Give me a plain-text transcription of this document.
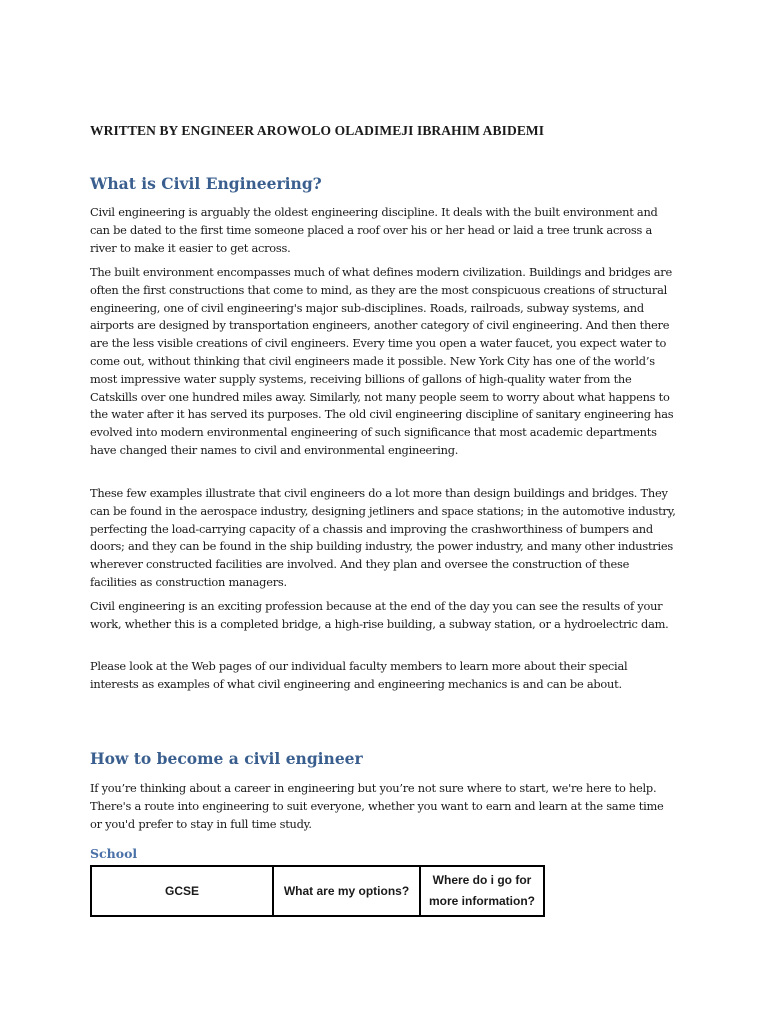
WRITTEN BY ENGINEER AROWOLO OLADIMEJI IBRAHIM ABIDEMI
What is Civil Engineering?
Civil engineering is arguably the oldest engineering discipline. It deals with the built environment and can be dated to the first time someone placed a roof over his or her head or laid a tree trunk across a river to make it easier to get across.
The built environment encompasses much of what defines modern civilization. Buildings and bridges are often the first constructions that come to mind, as they are the most conspicuous creations of structural engineering, one of civil engineering's major sub-disciplines. Roads, railroads, subway systems, and airports are designed by transportation engineers, another category of civil engineering. And then there are the less visible creations of civil engineers. Every time you open a water faucet, you expect water to come out, without thinking that civil engineers made it possible. New York City has one of the world’s most impressive water supply systems, receiving billions of gallons of high-quality water from the Catskills over one hundred miles away. Similarly, not many people seem to worry about what happens to the water after it has served its purposes. The old civil engineering discipline of sanitary engineering has evolved into modern environmental engineering of such significance that most academic departments have changed their names to civil and environmental engineering.
These few examples illustrate that civil engineers do a lot more than design buildings and bridges. They can be found in the aerospace industry, designing jetliners and space stations; in the automotive industry, perfecting the load-carrying capacity of a chassis and improving the crashworthiness of bumpers and doors; and they can be found in the ship building industry, the power industry, and many other industries wherever constructed facilities are involved. And they plan and oversee the construction of these facilities as construction managers.
Civil engineering is an exciting profession because at the end of the day you can see the results of your work, whether this is a completed bridge, a high-rise building, a subway station, or a hydroelectric dam.
Please look at the Web pages of our individual faculty members to learn more about their special interests as examples of what civil engineering and engineering mechanics is and can be about.
How to become a civil engineer
If you’re thinking about a career in engineering but you’re not sure where to start, we're here to help. There's a route into engineering to suit everyone, whether you want to earn and learn at the same time or you'd prefer to stay in full time study.
School
GCSE	What are my options?	Where do i go for more information?
